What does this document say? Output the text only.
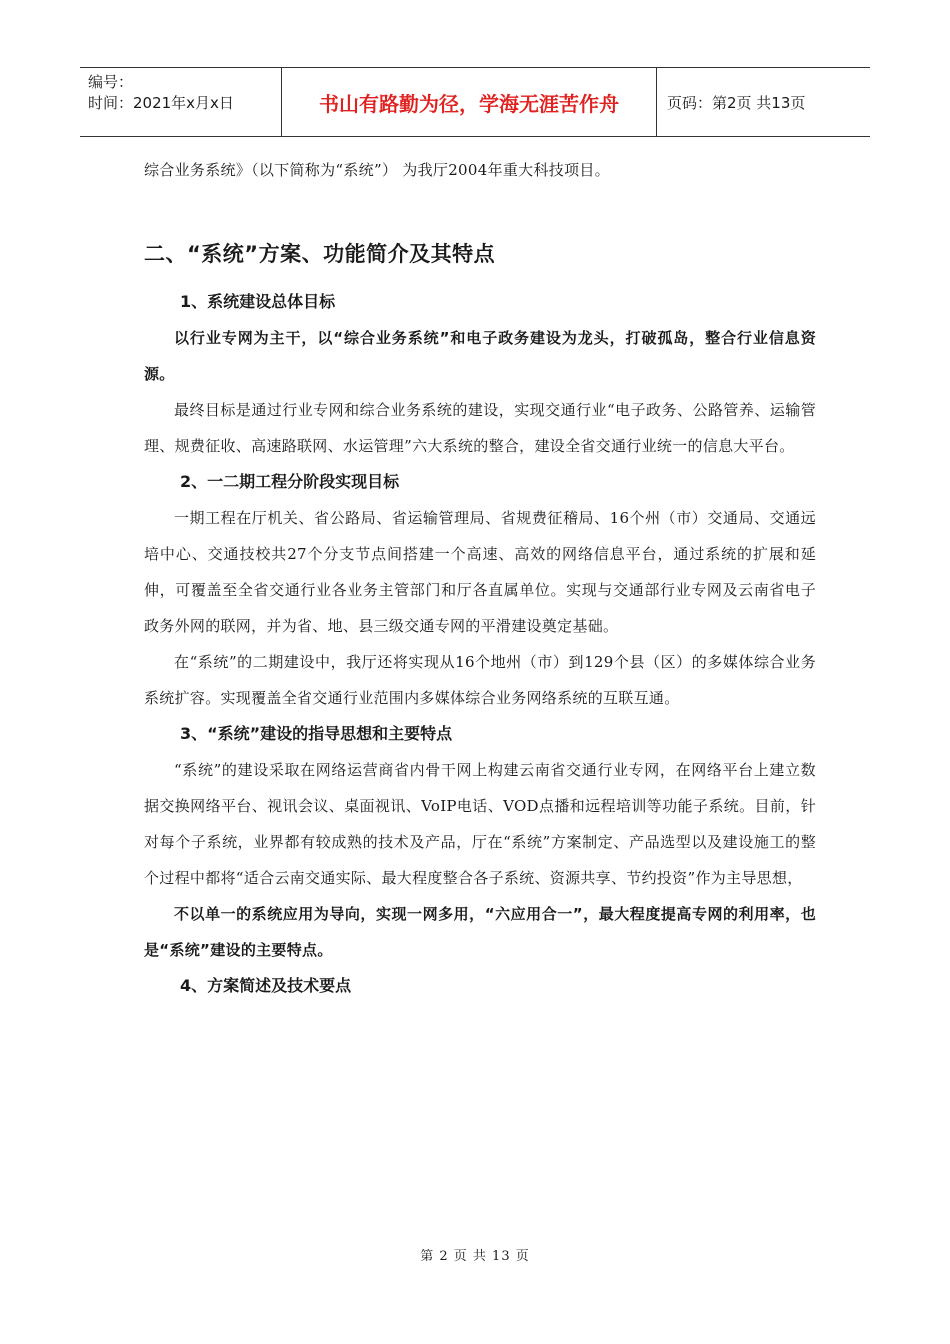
编号：
时间：2021年x月x日	书山有路勤为径，学海无涯苦作舟	页码：第2页 共13页

综合业务系统》（以下简称为“系统”） 为我厅2004年重大科技项目。

二、“系统”方案、功能简介及其特点
1、系统建设总体目标

以行业专网为主干，以“综合业务系统”和电子政务建设为龙头，打破孤岛，整合行业信息资源。

最终目标是通过行业专网和综合业务系统的建设，实现交通行业“电子政务、公路管养、运输管理、规费征收、高速路联网、水运管理”六大系统的整合，建设全省交通行业统一的信息大平台。

2、一二期工程分阶段实现目标

一期工程在厅机关、省公路局、省运输管理局、省规费征稽局、16个州（市）交通局、交通远培中心、交通技校共27个分支节点间搭建一个高速、高效的网络信息平台，通过系统的扩展和延伸，可覆盖至全省交通行业各业务主管部门和厅各直属单位。实现与交通部行业专网及云南省电子政务外网的联网，并为省、地、县三级交通专网的平滑建设奠定基础。

在“系统”的二期建设中，我厅还将实现从16个地州（市）到129个县（区）的多媒体综合业务系统扩容。实现覆盖全省交通行业范围内多媒体综合业务网络系统的互联互通。

3、“系统”建设的指导思想和主要特点

“系统”的建设采取在网络运营商省内骨干网上构建云南省交通行业专网，在网络平台上建立数据交换网络平台、视讯会议、桌面视讯、VoIP电话、VOD点播和远程培训等功能子系统。目前，针对每个子系统，业界都有较成熟的技术及产品，厅在“系统”方案制定、产品选型以及建设施工的整个过程中都将“适合云南交通实际、最大程度整合各子系统、资源共享、节约投资”作为主导思想，

不以单一的系统应用为导向，实现一网多用，“六应用合一”，最大程度提高专网的利用率，也是“系统”建设的主要特点。

4、方案简述及技术要点
第 2 页 共 13 页
